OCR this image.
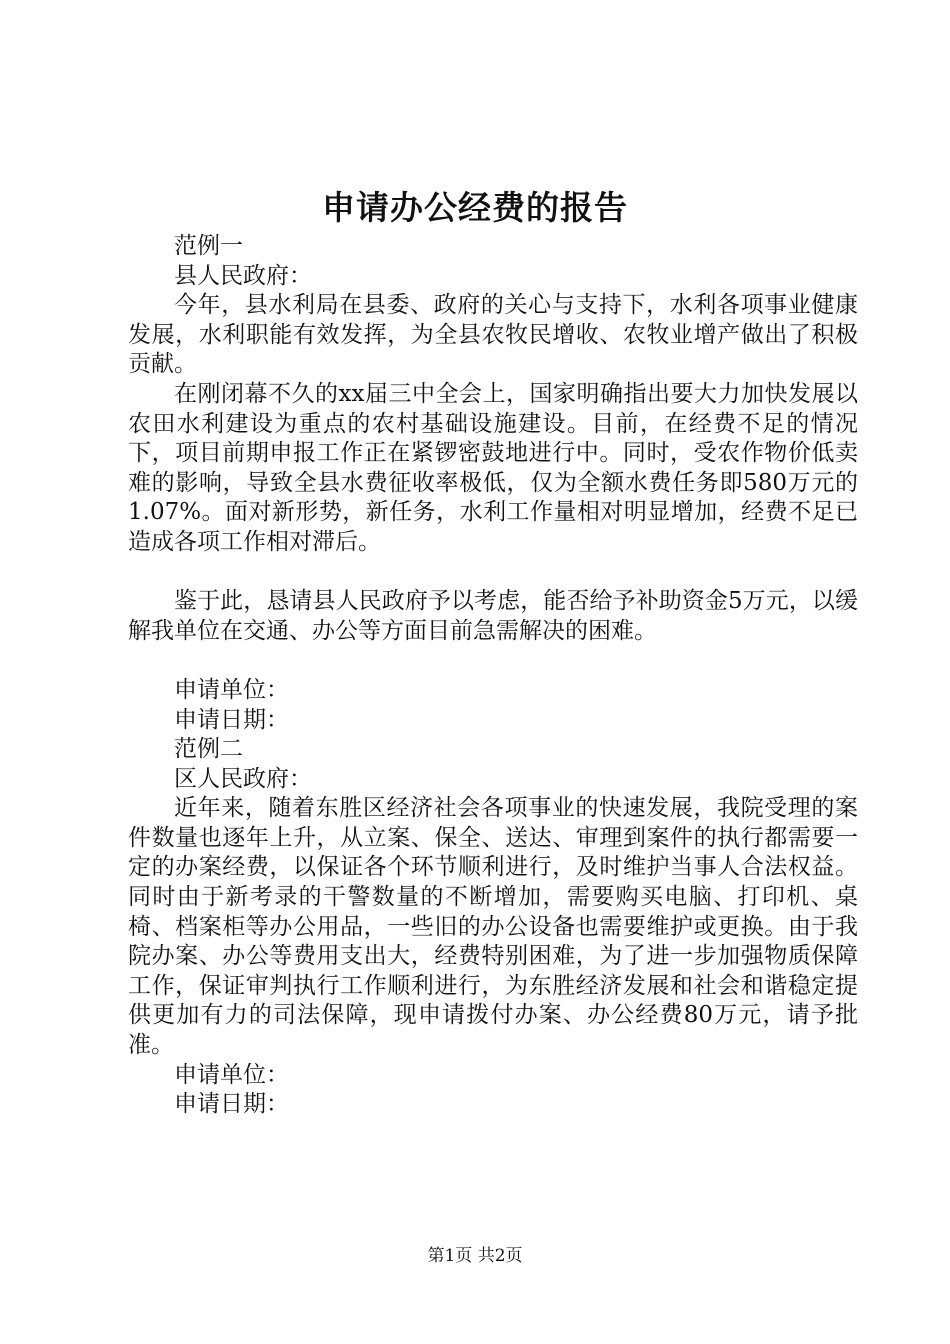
申请办公经费的报告

范例一

县人民政府：

今年，县水利局在县委、政府的关心与支持下，水利各项事业健康发展，水利职能有效发挥，为全县农牧民增收、农牧业增产做出了积极贡献。

在刚闭幕不久的xx届三中全会上，国家明确指出要大力加快发展以农田水利建设为重点的农村基础设施建设。目前，在经费不足的情况下，项目前期申报工作正在紧锣密鼓地进行中。同时，受农作物价低卖难的影响，导致全县水费征收率极低，仅为全额水费任务即580万元的1.07%。面对新形势，新任务，水利工作量相对明显增加，经费不足已造成各项工作相对滞后。

鉴于此，恳请县人民政府予以考虑，能否给予补助资金5万元，以缓解我单位在交通、办公等方面目前急需解决的困难。

申请单位：

申请日期：

范例二

区人民政府：

近年来，随着东胜区经济社会各项事业的快速发展，我院受理的案件数量也逐年上升，从立案、保全、送达、审理到案件的执行都需要一定的办案经费，以保证各个环节顺利进行，及时维护当事人合法权益。同时由于新考录的干警数量的不断增加，需要购买电脑、打印机、桌椅、档案柜等办公用品，一些旧的办公设备也需要维护或更换。由于我院办案、办公等费用支出大，经费特别困难，为了进一步加强物质保障工作，保证审判执行工作顺利进行，为东胜经济发展和社会和谐稳定提供更加有力的司法保障，现申请拨付办案、办公经费80万元，请予批准。

申请单位：

申请日期：

第1页 共2页
